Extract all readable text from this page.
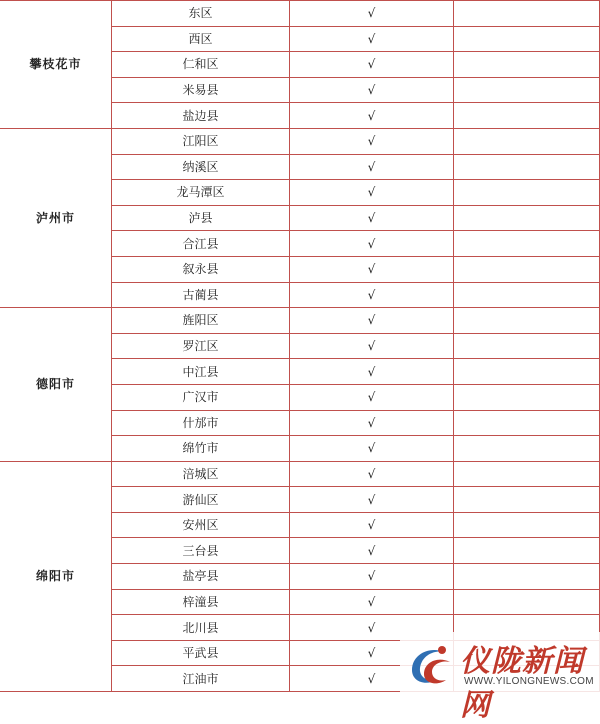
攀枝花市	东区	√	
	西区	√	
	仁和区	√	
	米易县	√	
	盐边县	√	
泸州市	江阳区	√	
	纳溪区	√	
	龙马潭区	√	
	泸县	√	
	合江县	√	
	叙永县	√	
	古蔺县	√	
德阳市	旌阳区	√	
	罗江区	√	
	中江县	√	
	广汉市	√	
	什邡市	√	
	绵竹市	√	
绵阳市	涪城区	√	
	游仙区	√	
	安州区	√	
	三台县	√	
	盐亭县	√	
	梓潼县	√	
	北川县	√	
	平武县	√	
	江油市	√		仪陇新闻网
WWW.YILONGNEWS.COM
